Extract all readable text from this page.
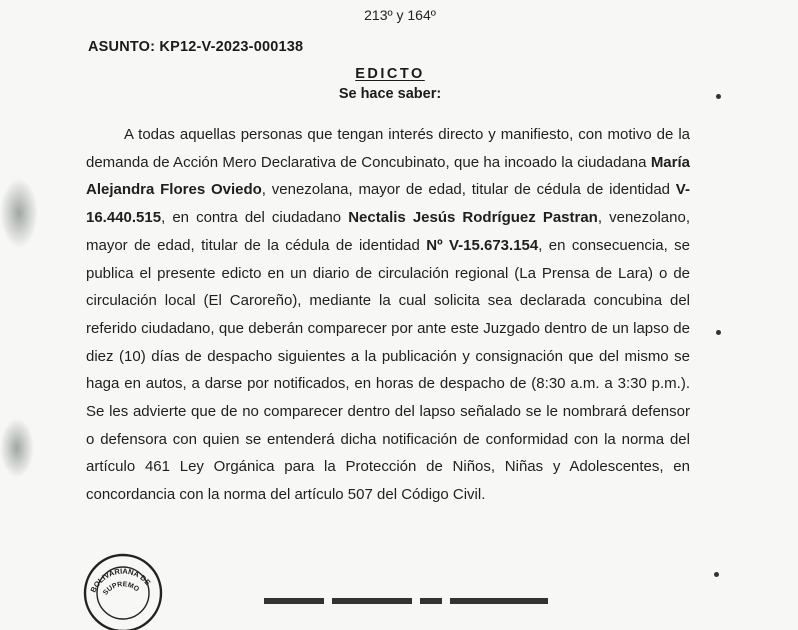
213º y 164º
ASUNTO: KP12-V-2023-000138
EDICTO
Se hace saber:
A todas aquellas personas que tengan interés directo y manifiesto, con motivo de la demanda de Acción Mero Declarativa de Concubinato, que ha incoado la ciudadana María Alejandra Flores Oviedo, venezolana, mayor de edad, titular de cédula de identidad V-16.440.515, en contra del ciudadano Nectalis Jesús Rodríguez Pastran, venezolano, mayor de edad, titular de la cédula de identidad Nº V-15.673.154, en consecuencia, se publica el presente edicto en un diario de circulación regional (La Prensa de Lara) o de circulación local (El Caroreño), mediante la cual solicita sea declarada concubina del referido ciudadano, que deberán comparecer por ante este Juzgado dentro de un lapso de diez (10) días de despacho siguientes a la publicación y consignación que del mismo se haga en autos, a darse por notificados, en horas de despacho de (8:30 a.m. a 3:30 p.m.). Se les advierte que de no comparecer dentro del lapso señalado se le nombrará defensor o defensora con quien se entenderá dicha notificación de conformidad con la norma del artículo 461 Ley Orgánica para la Protección de Niños, Niñas y Adolescentes, en concordancia con la norma del artículo 507 del Código Civil.
BOLIVARIANA DE
SUPREMO
